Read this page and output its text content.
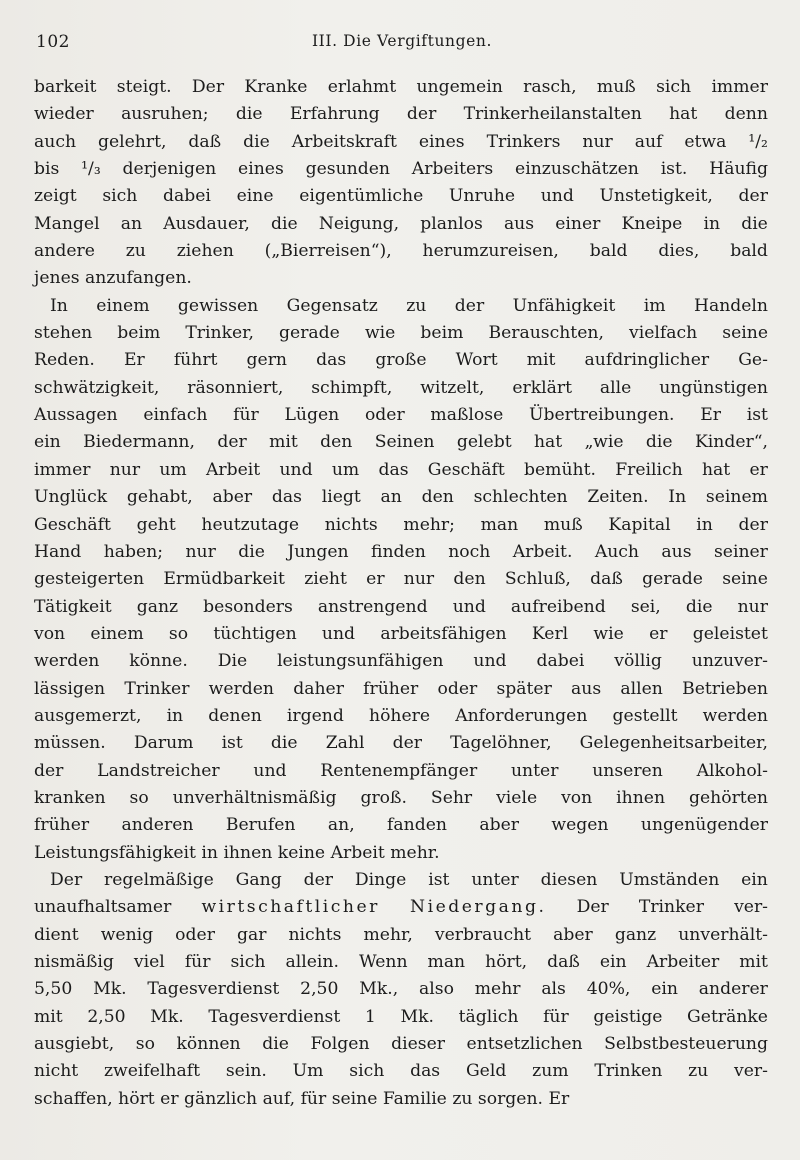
102	III. Die Vergiftungen.
barkeit steigt. Der Kranke erlahmt ungemein rasch, muß sich immer
wieder ausruhen; die Erfahrung der Trinkerheilanstalten hat denn
auch gelehrt, daß die Arbeitskraft eines Trinkers nur auf etwa ¹/₂
bis ¹/₃ derjenigen eines gesunden Arbeiters einzuschätzen ist. Häufig
zeigt sich dabei eine eigentümliche Unruhe und Unstetigkeit, der
Mangel an Ausdauer, die Neigung, planlos aus einer Kneipe in die
andere zu ziehen („Bierreisen“), herumzureisen, bald dies, bald
jenes anzufangen.
In einem gewissen Gegensatz zu der Unfähigkeit im Handeln
stehen beim Trinker, gerade wie beim Berauschten, vielfach seine
Reden. Er führt gern das große Wort mit aufdringlicher Ge-
schwätzigkeit, räsonniert, schimpft, witzelt, erklärt alle ungünstigen
Aussagen einfach für Lügen oder maßlose Übertreibungen. Er ist
ein Biedermann, der mit den Seinen gelebt hat „wie die Kinder“,
immer nur um Arbeit und um das Geschäft bemüht. Freilich hat er
Unglück gehabt, aber das liegt an den schlechten Zeiten. In seinem
Geschäft geht heutzutage nichts mehr; man muß Kapital in der
Hand haben; nur die Jungen finden noch Arbeit. Auch aus seiner
gesteigerten Ermüdbarkeit zieht er nur den Schluß, daß gerade seine
Tätigkeit ganz besonders anstrengend und aufreibend sei, die nur
von einem so tüchtigen und arbeitsfähigen Kerl wie er geleistet
werden könne. Die leistungsunfähigen und dabei völlig unzuver-
lässigen Trinker werden daher früher oder später aus allen Betrieben
ausgemerzt, in denen irgend höhere Anforderungen gestellt werden
müssen. Darum ist die Zahl der Tagelöhner, Gelegenheitsarbeiter,
der Landstreicher und Rentenempfänger unter unseren Alkohol-
kranken so unverhältnismäßig groß. Sehr viele von ihnen gehörten
früher anderen Berufen an, fanden aber wegen ungenügender
Leistungsfähigkeit in ihnen keine Arbeit mehr.
Der regelmäßige Gang der Dinge ist unter diesen Umständen ein
unaufhaltsamer wirtschaftlicher Niedergang. Der Trinker ver-
dient wenig oder gar nichts mehr, verbraucht aber ganz unverhält-
nismäßig viel für sich allein. Wenn man hört, daß ein Arbeiter mit
5,50 Mk. Tagesverdienst 2,50 Mk., also mehr als 40%, ein anderer
mit 2,50 Mk. Tagesverdienst 1 Mk. täglich für geistige Getränke
ausgiebt, so können die Folgen dieser entsetzlichen Selbstbesteuerung
nicht zweifelhaft sein. Um sich das Geld zum Trinken zu ver-
schaffen, hört er gänzlich auf, für seine Familie zu sorgen. Er
